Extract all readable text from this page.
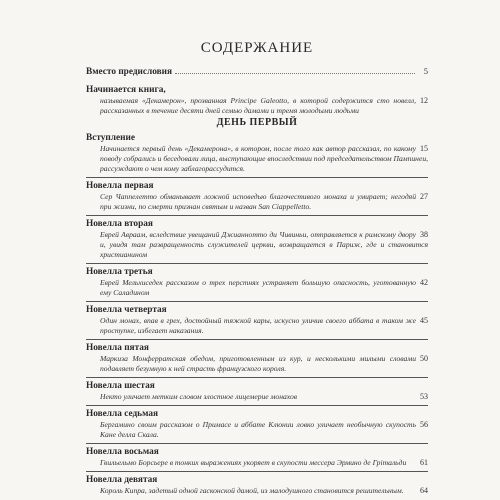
СОДЕРЖАНИЕ
Вместо предисловия	5
Начинается книга,
12
называемая «Декамерон», прозванная Principe Galeotto, в которой содержится сто новелл, рассказанных в течение десяти дней семью дамами и тремя молодыми людьми
ДЕНЬ ПЕРВЫЙ
Вступление
15
Начинается первый день «Декамерона», в котором, после того как автор рассказал, по какому поводу собрались и беседовали лица, выступающие впоследствии под председательством Пампинеи, рассуждают о чем кому заблагорассудится.
Новелла первая
27
Сер Чаппелетто обманывает ложной исповедью благочестивого монаха и умирает; негодяй при жизни, по смерти признан святым и назван San Ciappelletto.
Новелла вторая
38
Еврей Авраам, вследствие увещаний Джианнотто ди Чивиньи, отправляется к римскому двору и, увидя там развращенность служителей церкви, возвращается в Париж, где и становится христианином
Новелла третья
42
Еврей Мельхиседек рассказом о трех перстнях устраняет большую опасность, уготованную ему Саладином
Новелла четвертая
45
Один монах, впав в грех, достойный тяжкой кары, искусно уличив своего аббата в таком же проступке, избегает наказания.
Новелла пятая
50
Маркиза Монферратская обедом, приготовленным из кур, и несколькими милыми словами подавляет безумную к ней страсть французского короля.
Новелла шестая
53
Некто уличает метким словом злостное лицемерие монахов
Новелла седьмая
56
Бергамино своим рассказом о Примасе и аббате Клюнии ловко уличает необычную скупость Кане делла Скала.
Новелла восьмая
61
Гвильельмо Борсьере в тонких выражениях укоряет в скупости мессера Эрмино де Грimальди
Новелла девятая
64
Король Кипра, задетый одной гасконской дамой, из малодушного становится решительным.
